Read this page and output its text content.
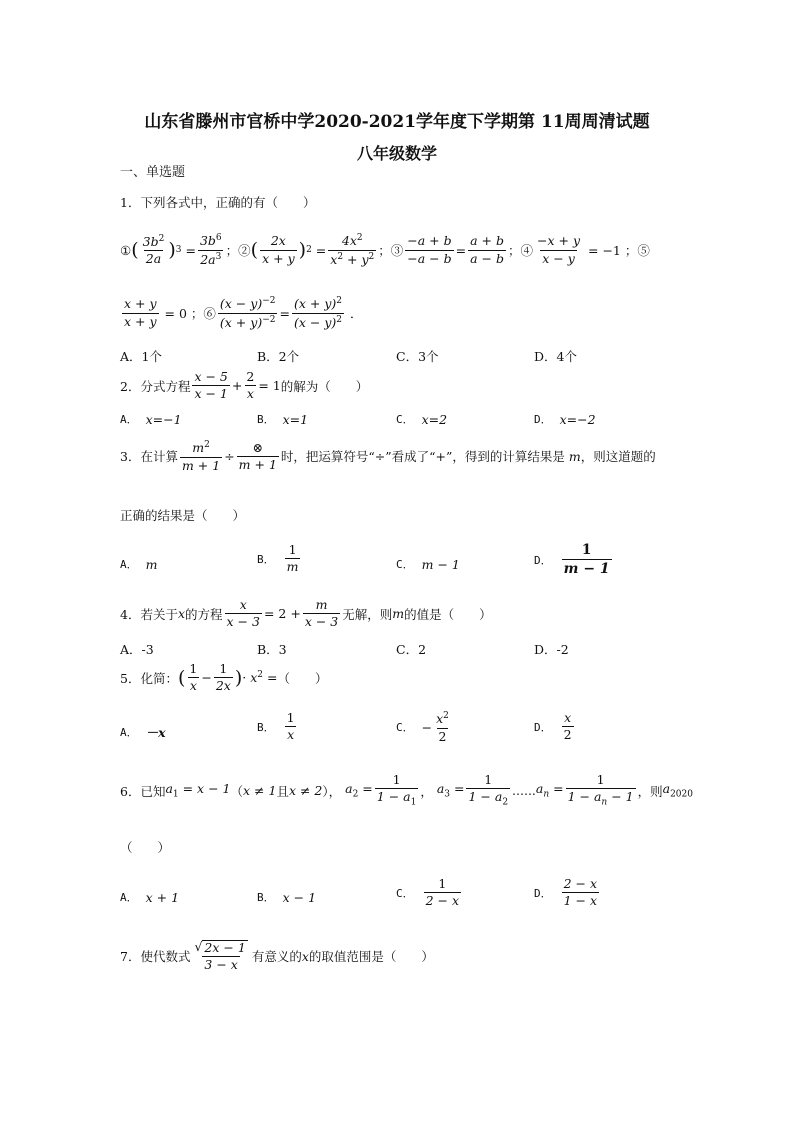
山东省滕州市官桥中学2020-2021学年度下学期第 11周周清试题
八年级数学
一、单选题
1．下列各式中，正确的有（　　）
① ( $\frac{3b^2}{2a}$ ) $3 = \frac{3b^6}{2a^3}$ ；② ( $\frac{2x}{x + y}$ ) $2 = \frac{4x^2}{x^2 + y^2}$ ；③ $\frac{-a + b}{-a - b} = \frac{a + b}{a - b}$ ；④ $\frac{-x + y}{x - y} = -1$ ；⑤
$\frac{x + y}{x + y} = 0$ ；⑥ $\frac{(x - y)^{-2}}{(x + y)^{-2}} = \frac{(x + y)^2}{(x - y)^2}$ ．
A．1个	B．2个	C．3个	D．4个
2．分式方程 $\frac{x - 5}{x - 1} + \frac{2}{x} = 1$ 的解为（　　）
A． x=−1	B． x=1	C． x=2	D． x=−2
3．在计算 $\frac{m^2}{m + 1} \div \frac{\otimes}{m + 1}$ 时，把运算符号“÷”看成了“+”，得到的计算结果是 m ，则这道题的
正确的结果是（　　）
A． m	B． $\frac{1}{m}$	C． m − 1	D． $\frac{1}{m - 1}$
4．若关于 x 的方程 $\frac{x}{x - 3} = 2 + \frac{m}{x - 3}$ 无解，则 m 的值是（　　）
A．-3	B．3	C．2	D．-2
5．化简： ( $\frac{1}{x} - \frac{1}{2x}$ ) · $x^2$ = （　　）
A． －x	B． $\frac{1}{x}$	C． − $\frac{x^2}{2}$	D． $\frac{x}{2}$
6．已知 $a_1 = x - 1$ （ x ≠ 1 且 x ≠ 2 ）， $a_2 = \frac{1}{1 - a_1}$ ， $a_3 = \frac{1}{1 - a_2}$ ...... $a_n = \frac{1}{1 - a_n - 1}$ ，则 $a_{2020}$
（　　）
A． x + 1	B． x − 1	C． $\frac{1}{2 - x}$	D． $\frac{2 - x}{1 - x}$
7．使代数式 $\frac{√ 2x - 1}{3 - x}$ 有意义的 x 的取值范围是（　　）
